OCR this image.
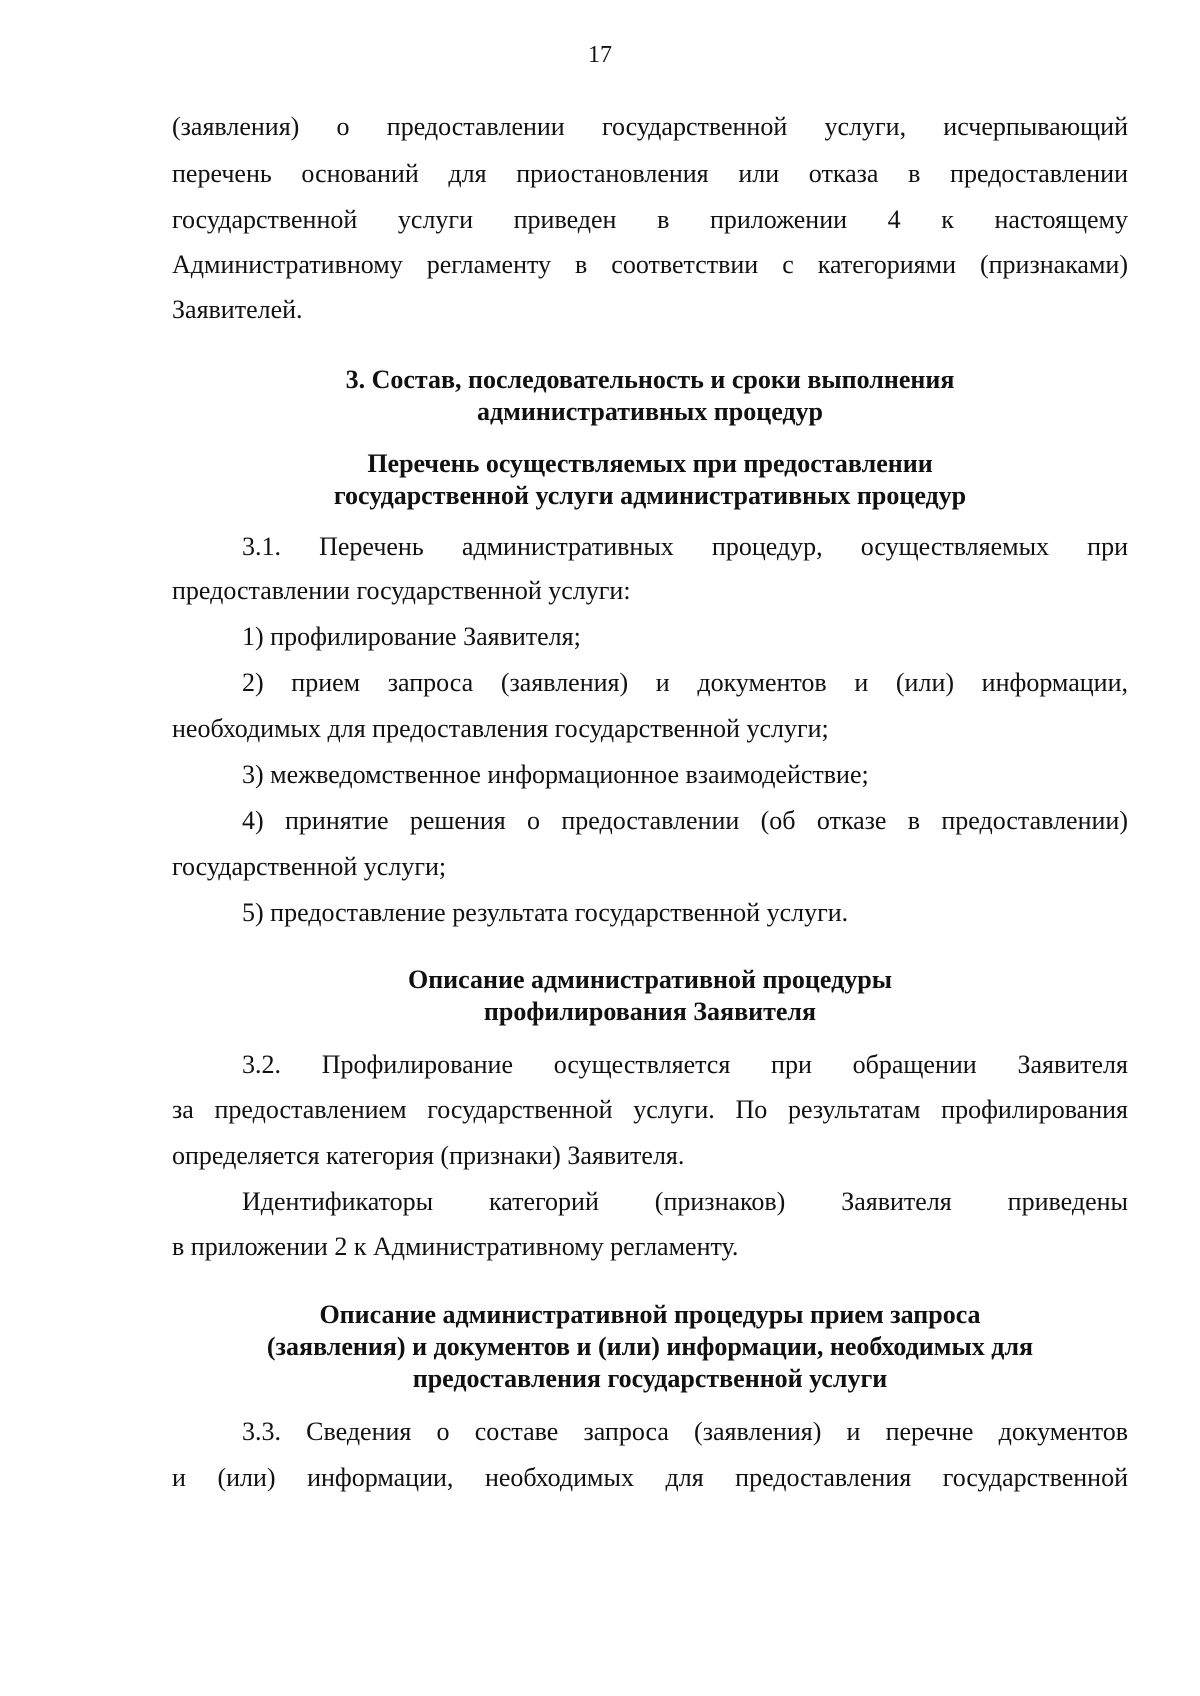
17
(заявления) о предоставлении государственной услуги, исчерпывающий
перечень оснований для приостановления или отказа в предоставлении
государственной услуги приведен в приложении 4 к настоящему
Административному регламенту в соответствии с категориями (признаками)
Заявителей.
3. Состав, последовательность и сроки выполнения
административных процедур
Перечень осуществляемых при предоставлении
государственной услуги административных процедур
3.1. Перечень административных процедур, осуществляемых при
предоставлении государственной услуги:
1) профилирование Заявителя;
2) прием запроса (заявления) и документов и (или) информации,
необходимых для предоставления государственной услуги;
3) межведомственное информационное взаимодействие;
4) принятие решения о предоставлении (об отказе в предоставлении)
государственной услуги;
5) предоставление результата государственной услуги.
Описание административной процедуры
профилирования Заявителя
3.2. Профилирование осуществляется при обращении Заявителя
за предоставлением государственной услуги. По результатам профилирования
определяется категория (признаки) Заявителя.
Идентификаторы категорий (признаков) Заявителя приведены
в приложении 2 к Административному регламенту.
Описание административной процедуры прием запроса
(заявления) и документов и (или) информации, необходимых для
предоставления государственной услуги
3.3. Сведения о составе запроса (заявления) и перечне документов
и (или) информации, необходимых для предоставления государственной
